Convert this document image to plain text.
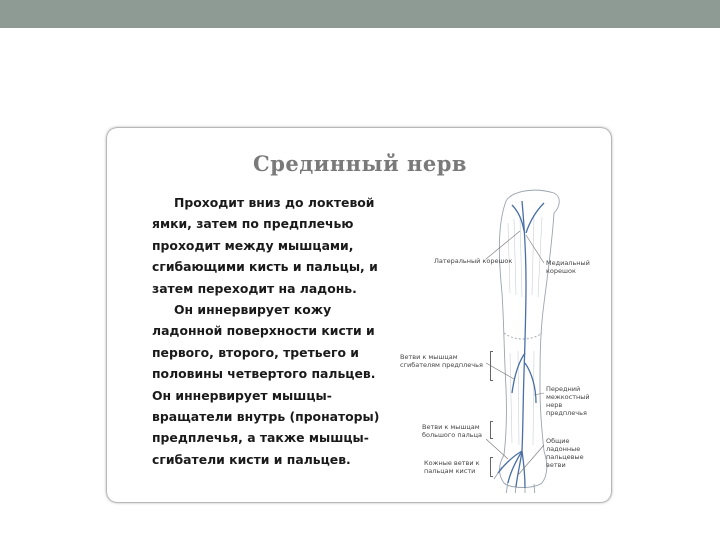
Срединный нерв

Проходит вниз до локтевой ямки, затем по предплечью проходит между мышцами, сгибающими кисть и пальцы, и затем переходит на ладонь.

Он иннервирует кожу ладонной поверхности кисти и первого, второго, третьего и половины четвертого пальцев. Он иннервирует мышцы-вращатели внутрь (пронаторы) предплечья, а также мышцы-сгибатели кисти и пальцев.

Латеральный корешок	Медиальный корешок
Ветви к мышцам сгибателям предплечья
Передний межкостный нерв предплечья
Ветви к мышцам большого пальца
Общие ладонные пальцевые ветви
Кожные ветви к пальцам кисти
